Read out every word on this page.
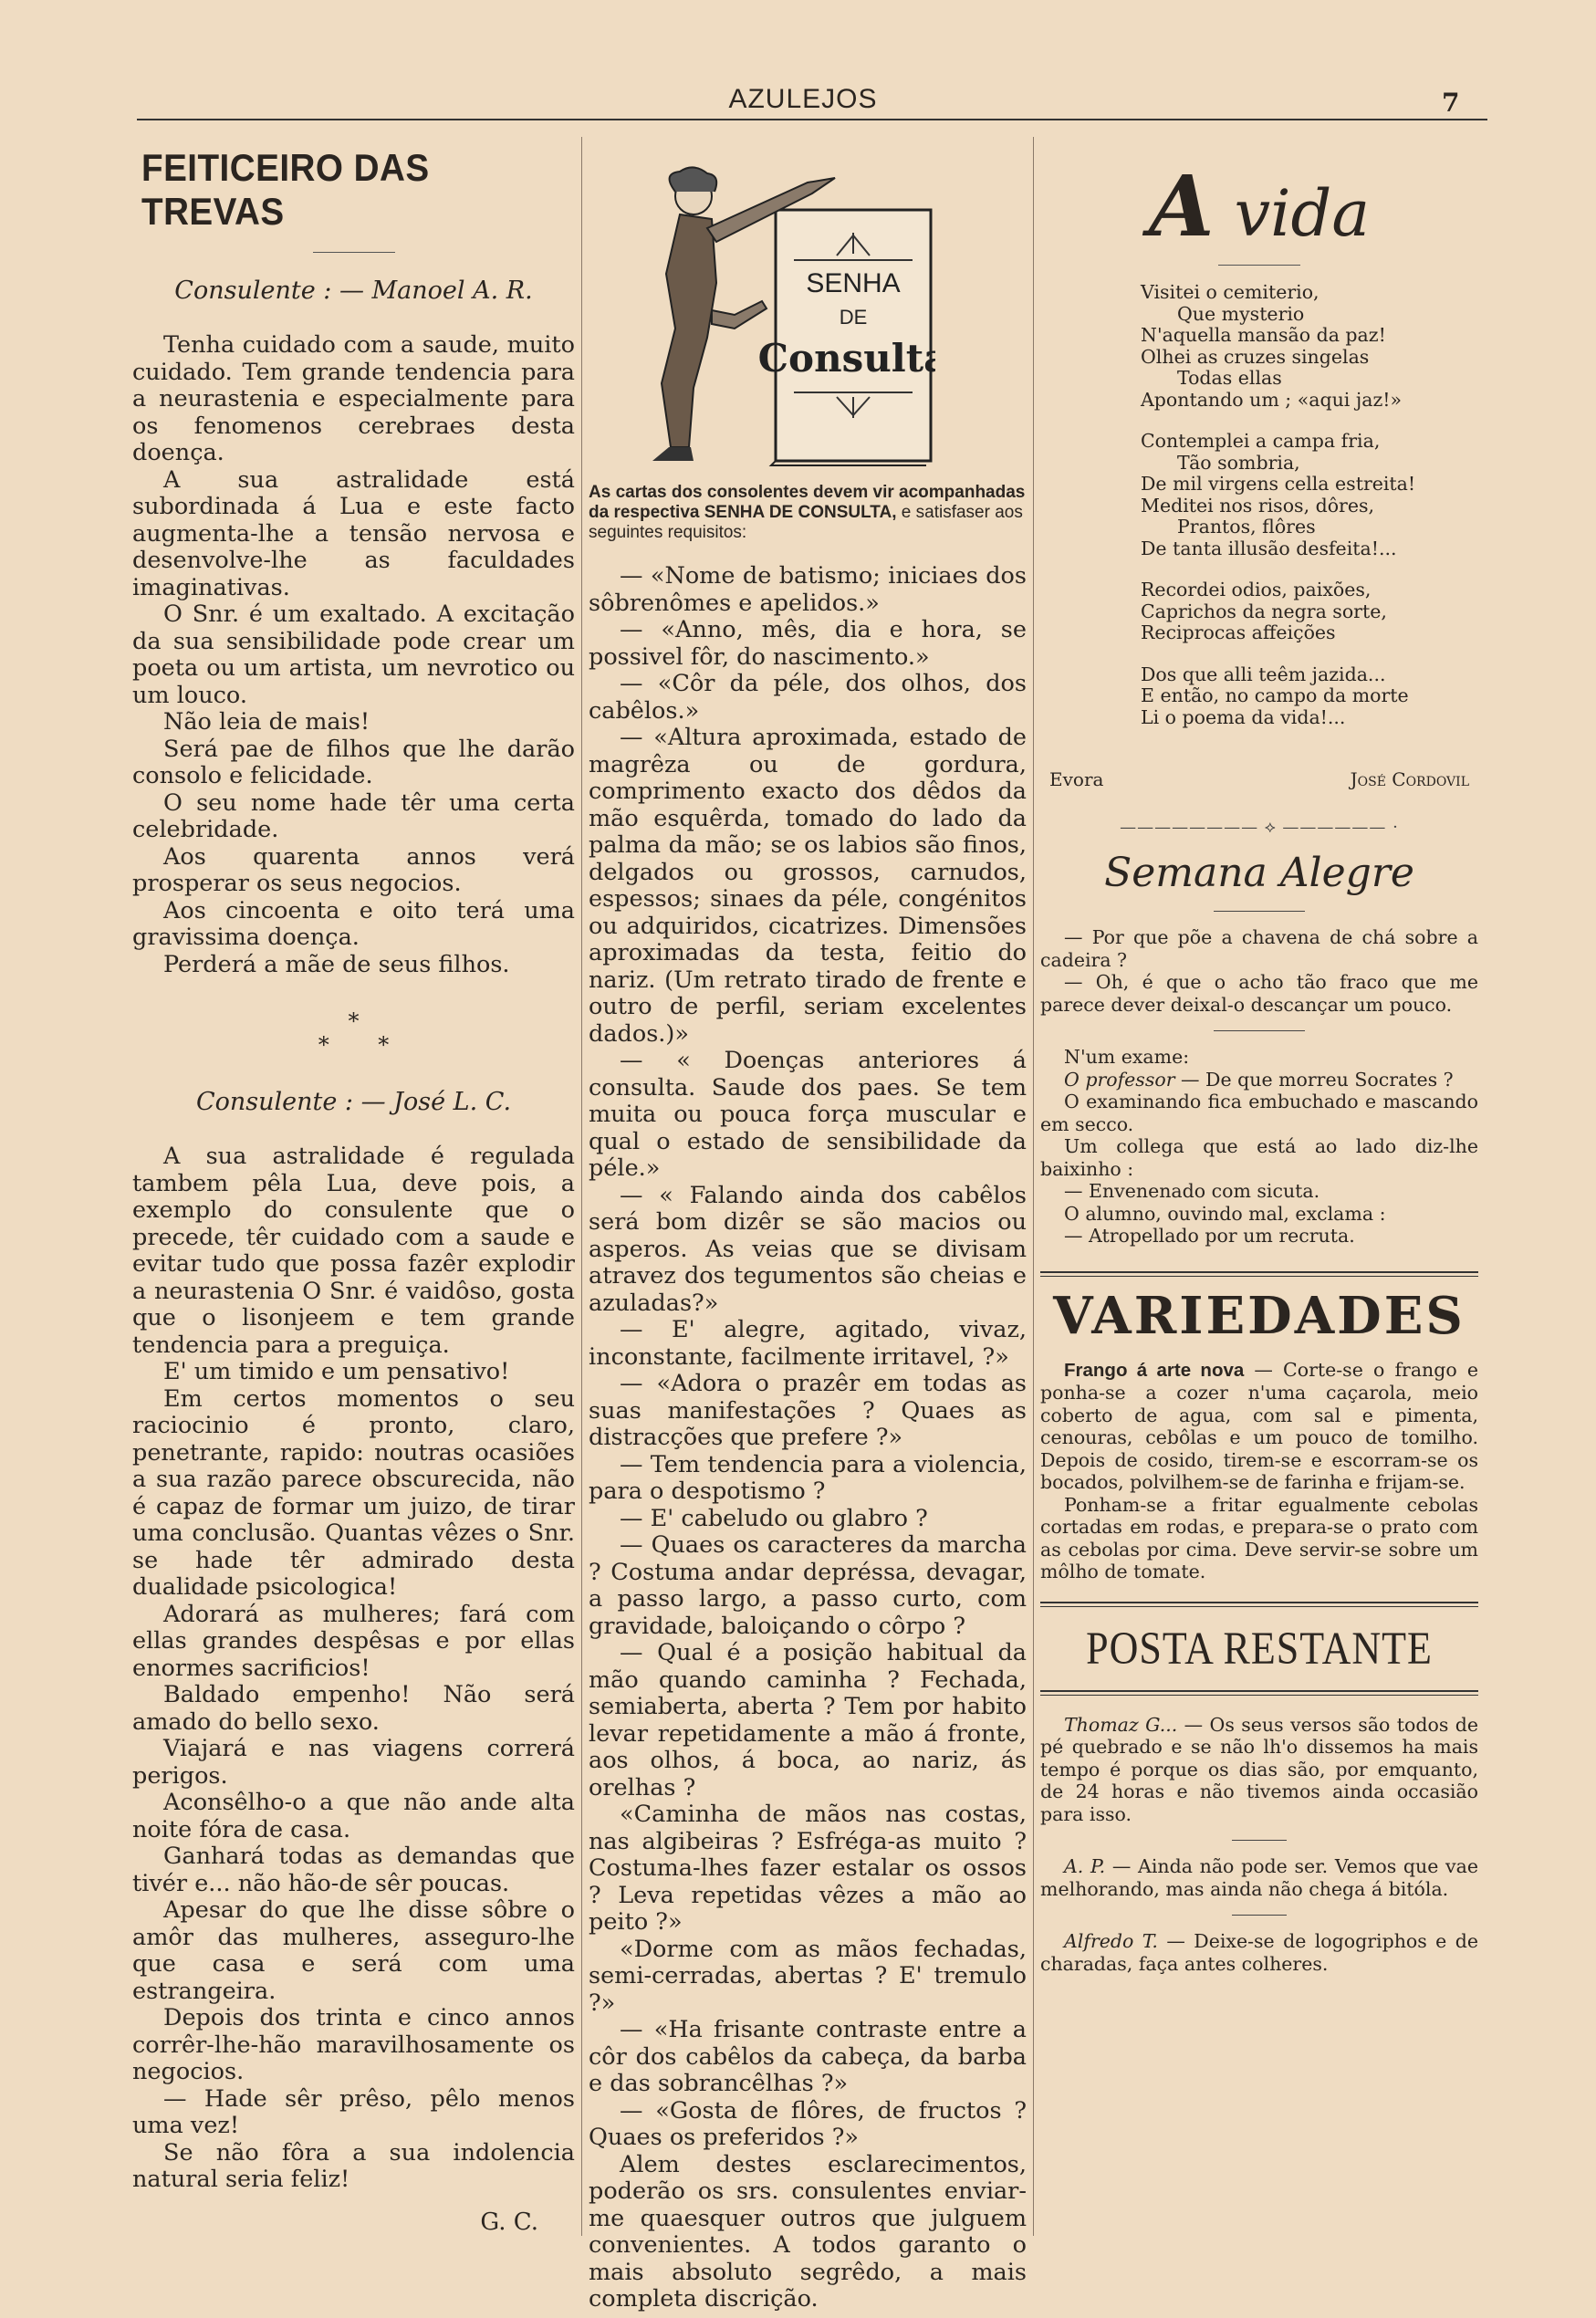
AZULEJOS	7
FEITICEIRO DAS TREVAS
Consulente : — Manoel A. R.

Tenha cuidado com a saude, muito cuidado. Tem grande tendencia para a neurastenia e especialmente para os fenomenos cerebraes desta doença.

A sua astralidade está subordinada á Lua e este facto augmenta-lhe a tensão nervosa e desenvolve-lhe as faculdades imaginativas.

O Snr. é um exaltado. A excitação da sua sensibilidade pode crear um poeta ou um artista, um nevrotico ou um louco.

Não leia de mais!

Será pae de filhos que lhe darão consolo e felicidade.

O seu nome hade têr uma certa celebridade.

Aos quarenta annos verá prosperar os seus negocios.

Aos cincoenta e oito terá uma gravissima doença.

Perderá a mãe de seus filhos.

*
*       *
Consulente : — José L. C.

A sua astralidade é regulada tambem pêla Lua, deve pois, a exemplo do consulente que o precede, têr cuidado com a saude e evitar tudo que possa fazêr explodir a neurastenia O Snr. é vaidôso, gosta que o lisonjeem e tem grande tendencia para a preguiça.

E' um timido e um pensativo!

Em certos momentos o seu raciocinio é pronto, claro, penetrante, rapido: noutras ocasiões a sua razão parece obscurecida, não é capaz de formar um juizo, de tirar uma conclusão. Quantas vêzes o Snr. se hade têr admirado desta dualidade psicologica!

Adorará as mulheres; fará com ellas grandes despêsas e por ellas enormes sacrificios!

Baldado empenho! Não será amado do bello sexo.

Viajará e nas viagens correrá perigos.

Aconsêlho-o a que não ande alta noite fóra de casa.

Ganhará todas as demandas que tivér e... não hão-de sêr poucas.

Apesar do que lhe disse sôbre o amôr das mulheres, asseguro-lhe que casa e será com uma estrangeira.

Depois dos trinta e cinco annos corrêr-lhe-hão maravilhosamente os negocios.

— Hade sêr prêso, pêlo menos uma vez!

Se não fôra a sua indolencia natural seria feliz!

G. C.
SENHA
DE
Consulta
As cartas dos consolentes devem vir acompanhadas da respectiva SENHA DE CONSULTA, e satisfaser aos seguintes requisitos:

— «Nome de batismo; iniciaes dos sôbrenômes e apelidos.»

— «Anno, mês, dia e hora, se possivel fôr, do nascimento.»

— «Côr da péle, dos olhos, dos cabêlos.»

— «Altura aproximada, estado de magrêza ou de gordura, comprimento exacto dos dêdos da mão esquêrda, tomado do lado da palma da mão; se os labios são finos, delgados ou grossos, carnudos, espessos; sinaes da péle, congénitos ou adquiridos, cicatrizes. Dimensões aproximadas da testa, feitio do nariz. (Um retrato tirado de frente e outro de perfil, seriam excelentes dados.)»

— « Doenças anteriores á consulta. Saude dos paes. Se tem muita ou pouca força muscular e qual o estado de sensibilidade da péle.»

— « Falando ainda dos cabêlos será bom dizêr se são macios ou asperos. As veias que se divisam atravez dos tegumentos são cheias e azuladas?»

— E' alegre, agitado, vivaz, inconstante, facilmente irritavel, ?»

— «Adora o prazêr em todas as suas manifestações ? Quaes as distracções que prefere ?»

— Tem tendencia para a violencia, para o despotismo ?

— E' cabeludo ou glabro ?

— Quaes os caracteres da marcha ? Costuma andar depréssa, devagar, a passo largo, a passo curto, com gravidade, baloiçando o côrpo ?

— Qual é a posição habitual da mão quando caminha ? Fechada, semiaberta, aberta ? Tem por habito levar repetidamente a mão á fronte, aos olhos, á boca, ao nariz, ás orelhas ?

«Caminha de mãos nas costas, nas algibeiras ? Esfréga-as muito ? Costuma-lhes fazer estalar os ossos ? Leva repetidas vêzes a mão ao peito ?»

«Dorme com as mãos fechadas, semi-cerradas, abertas ? E' tremulo ?»

— «Ha frisante contraste entre a côr dos cabêlos da cabeça, da barba e das sobrancêlhas ?»

— «Gosta de flôres, de fructos ? Quaes os preferidos ?»

Alem destes esclarecimentos, poderão os srs. consulentes enviar-me quaesquer outros que julguem convenientes. A todos garanto o mais absoluto segrêdo, a mais completa discrição.

A vida
Visitei o cemiterio,
Que mysterio
N'aquella mansão da paz!
Olhei as cruzes singelas
Todas ellas
Apontando um ; «aqui jaz!»
Contemplei a campa fria,
Tão sombria,
De mil virgens cella estreita!
Meditei nos risos, dôres,
Prantos, flôres
De tanta illusão desfeita!...
Recordei odios, paixões,
Caprichos da negra sorte,
Reciprocas affeições
Dos que alli teêm jazida...
E então, no campo da morte
Li o poema da vida!...
Evora	José Cordovil
———————— ⟡ —————— ·
Semana Alegre

— Por que põe a chavena de chá sobre a cadeira ?

— Oh, é que o acho tão fraco que me parece dever deixal-o descançar um pouco.

N'um exame:

O professor — De que morreu Socrates ?

O examinando fica embuchado e mascando em secco.

Um collega que está ao lado diz-lhe baixinho :

— Envenenado com sicuta.

O alumno, ouvindo mal, exclama :

— Atropellado por um recruta.

VARIEDADES

Frango á arte nova — Corte-se o frango e ponha-se a cozer n'uma caçarola, meio coberto de agua, com sal e pimenta, cenouras, cebôlas e um pouco de tomilho. Depois de cosido, tirem-se e escorram-se os bocados, polvilhem-se de farinha e frijam-se.

Ponham-se a fritar egualmente cebolas cortadas em rodas, e prepara-se o prato com as cebolas por cima. Deve servir-se sobre um môlho de tomate.

POSTA RESTANTE

Thomaz G... — Os seus versos são todos de pé quebrado e se não lh'o dissemos ha mais tempo é porque os dias são, por emquanto, de 24 horas e não tivemos ainda occasião para isso.

A. P. — Ainda não pode ser. Vemos que vae melhorando, mas ainda não chega á bitóla.

Alfredo T. — Deixe-se de logogriphos e de charadas, faça antes colheres.
